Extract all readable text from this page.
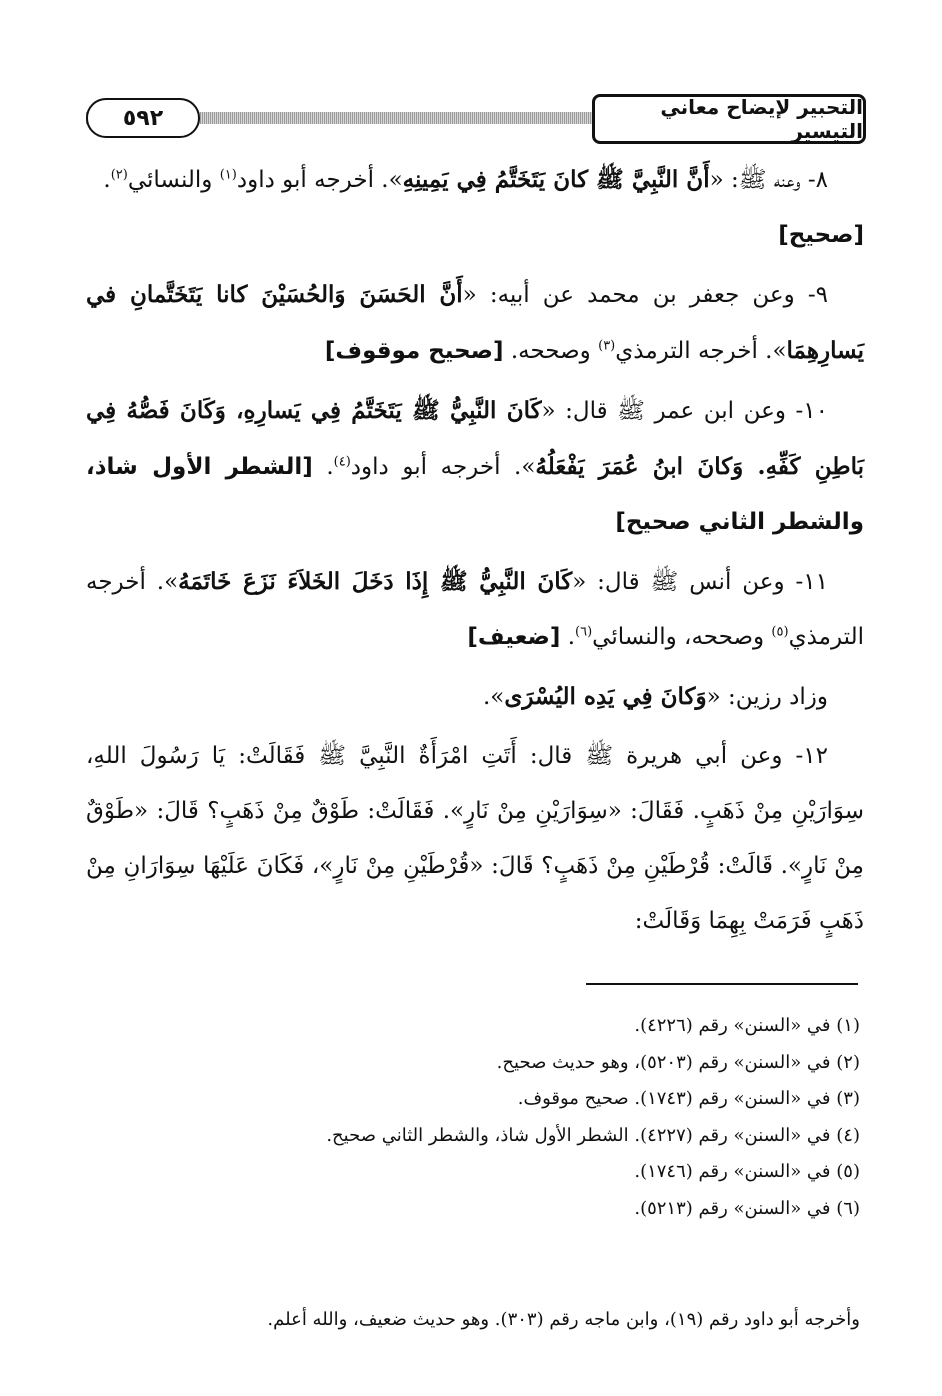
التحبير لإيضاح معاني التيسير
٥٩٢

٨- وعنه ﷺ: «أَنَّ النَّبِيَّ ﷺ كانَ يَتَخَتَّمُ فِي يَمِينِهِ». أخرجه أبو داود$^{(١)}$ والنسائي$^{(٢)}$.
[صحيح]

٩- وعن جعفر بن محمد عن أبيه: «أَنَّ الحَسَنَ وَالحُسَيْنَ كانا يَتَخَتَّمانِ في يَسارِهِمَا». أخرجه الترمذي$^{(٣)}$ وصححه. [صحيح موقوف]

١٠- وعن ابن عمر ﷺ قال: «كَانَ النَّبِيُّ ﷺ يَتَخَتَّمُ فِي يَسارِهِ، وَكَانَ فَصُّهُ فِي بَاطِنِ كَفِّهِ. وَكانَ ابنُ عُمَرَ يَفْعَلُهُ». أخرجه أبو داود$^{(٤)}$. [الشطر الأول شاذ، والشطر الثاني صحيح]

١١- وعن أنس ﷺ قال: «كَانَ النَّبِيُّ ﷺ إِذَا دَخَلَ الخَلاَءَ نَزَعَ خَاتَمَهُ». أخرجه الترمذي$^{(٥)}$ وصححه، والنسائي$^{(٦)}$. [ضعيف]

وزاد رزين: «وَكانَ فِي يَدِه اليُسْرَى».

١٢- وعن أبي هريرة ﷺ قال: أَتَتِ امْرَأَةٌ النَّبِيَّ ﷺ فَقَالَتْ: يَا رَسُولَ اللهِ، سِوَارَيْنِ مِنْ ذَهَبٍ. فَقَالَ: «سِوَارَيْنِ مِنْ نَارٍ». فَقَالَتْ: طَوْقٌ مِنْ ذَهَبٍ؟ قَالَ: «طَوْقٌ مِنْ نَارٍ». قَالَتْ: قُرْطَيْنِ مِنْ ذَهَبٍ؟ قَالَ: «قُرْطَيْنِ مِنْ نَارٍ»، فَكَانَ عَلَيْهَا سِوَارَانِ مِنْ ذَهَبٍ فَرَمَتْ بِهِمَا وَقَالَتْ:

(١) في «السنن» رقم (٤٢٢٦).
(٢) في «السنن» رقم (٥٢٠٣)، وهو حديث صحيح.
(٣) في «السنن» رقم (١٧٤٣). صحيح موقوف.
(٤) في «السنن» رقم (٤٢٢٧). الشطر الأول شاذ، والشطر الثاني صحيح.
(٥) في «السنن» رقم (١٧٤٦).
(٦) في «السنن» رقم (٥٢١٣).
وأخرجه أبو داود رقم (١٩)، وابن ماجه رقم (٣٠٣). وهو حديث ضعيف، والله أعلم.
